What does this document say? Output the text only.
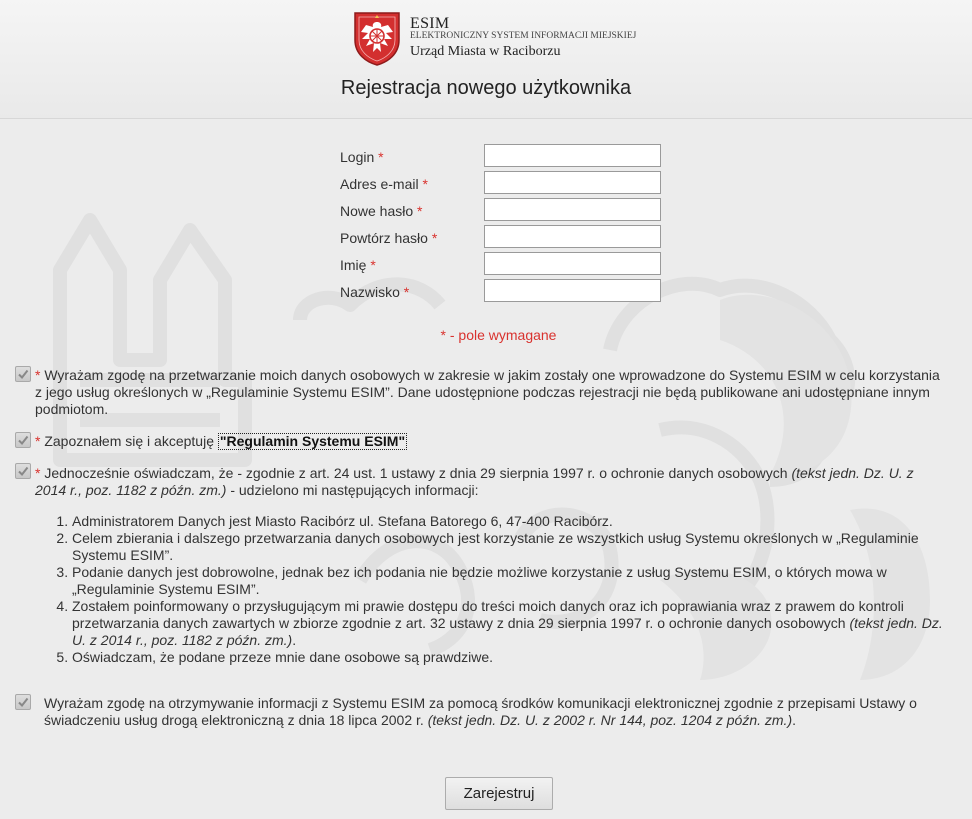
ESIM
ELEKTRONICZNY SYSTEM INFORMACJI MIEJSKIEJ
Urząd Miasta w Raciborzu
Rejestracja nowego użytkownika
Login *
Adres e-mail *
Nowe hasło *
Powtórz hasło *
Imię *
Nazwisko *
* - pole wymagane
* Wyrażam zgodę na przetwarzanie moich danych osobowych w zakresie w jakim zostały one wprowadzone do Systemu ESIM w celu korzystania z jego usług określonych w „Regulaminie Systemu ESIM”. Dane udostępnione podczas rejestracji nie będą publikowane ani udostępniane innym podmiotom.
* Zapoznałem się i akceptuję "Regulamin Systemu ESIM"
* Jednocześnie oświadczam, że - zgodnie z art. 24 ust. 1 ustawy z dnia 29 sierpnia 1997 r. o ochronie danych osobowych (tekst jedn. Dz. U. z 2014 r., poz. 1182 z późn. zm.) - udzielono mi następujących informacji:
1. Administratorem Danych jest Miasto Racibórz ul. Stefana Batorego 6, 47-400 Racibórz.
2. Celem zbierania i dalszego przetwarzania danych osobowych jest korzystanie ze wszystkich usług Systemu określonych w „Regulaminie Systemu ESIM”.
3. Podanie danych jest dobrowolne, jednak bez ich podania nie będzie możliwe korzystanie z usług Systemu ESIM, o których mowa w „Regulaminie Systemu ESIM”.
4. Zostałem poinformowany o przysługującym mi prawie dostępu do treści moich danych oraz ich poprawiania wraz z prawem do kontroli przetwarzania danych zawartych w zbiorze zgodnie z art. 32 ustawy z dnia 29 sierpnia 1997 r. o ochronie danych osobowych (tekst jedn. Dz. U. z 2014 r., poz. 1182 z późn. zm.).
5. Oświadczam, że podane przeze mnie dane osobowe są prawdziwe.
Wyrażam zgodę na otrzymywanie informacji z Systemu ESIM za pomocą środków komunikacji elektronicznej zgodnie z przepisami Ustawy o świadczeniu usług drogą elektroniczną z dnia 18 lipca 2002 r. (tekst jedn. Dz. U. z 2002 r. Nr 144, poz. 1204 z późn. zm.).
Zarejestruj
